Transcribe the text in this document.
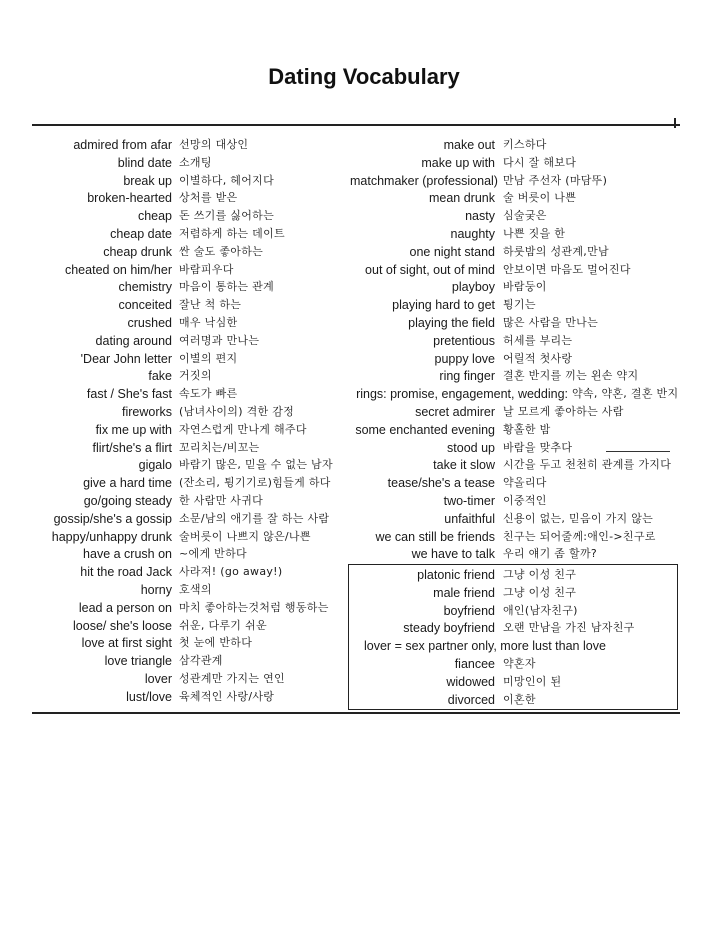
Dating Vocabulary
admired from afar 선망의 대상인
blind date 소개팅
break up 이별하다, 헤어지다
broken-hearted 상처를 받은
cheap 돈 쓰기를 싫어하는
cheap date 저렴하게 하는 데이트
cheap drunk 싼 술도 좋아하는
cheated on him/her 바람피우다
chemistry 마음이 통하는 관계
conceited 잘난 척 하는
crushed 매우 낙심한
dating around 여러명과 만나는
'Dear John letter 이별의 편지
fake 거짓의
fast / She's fast 속도가 빠른
fireworks (남녀사이의) 격한 감정
fix me up with 자연스럽게 만나게 해주다
flirt/she's a flirt 꼬리치는/비꼬는
gigalo 바람기 많은, 믿을 수 없는 남자
give a hard time (잔소리, 튕기기로)힘들게 하다
go/going steady 한 사람만 사귀다
gossip/she's a gossip 소문/남의 애기를 잘 하는 사람
happy/unhappy drunk 술버릇이 나쁘지 않은/나쁜
have a crush on ~에게 반하다
hit the road Jack 사라져! (go away!)
horny 호색의
lead a person on 마치 좋아하는것처럼 행동하는
loose/ she's loose 쉬운, 다루기 쉬운
love at first sight 첫 눈에 반하다
love triangle 삼각관계
lover 성관계만 가지는 연인
lust/love 육체적인 사랑/사랑
make out 키스하다
make up with 다시 잘 해보다
matchmaker (professional) 만남 주선자 (마담뚜)
mean drunk 술 버릇이 나쁜
nasty 심술궂은
naughty 나쁜 짓을 한
one night stand 하룻밤의 성관계,만남
out of sight, out of mind 안보이면 마음도 멀어진다
playboy 바람둥이
playing hard to get 튕기는
playing the field 많은 사람을 만나는
pretentious 허세를 부리는
puppy love 어릴적 첫사랑
ring finger 결혼 반지를 끼는 왼손 약지
rings: promise, engagement, wedding: 약속, 약혼, 결혼 반지
secret admirer 날 모르게 좋아하는 사람
some enchanted evening 황홀한 밤
stood up 바람을 맞추다
take it slow 시간을 두고 천천히 관계를 가지다
tease/she's a tease 약올리다
two-timer 이중적인
unfaithful 신용이 없는, 믿음이 가지 않는
we can still be friends 친구는 되어줄께:애인->친구로
we have to talk 우리 얘기 좀 할까?
platonic friend 그냥 이성 친구
male friend 그냥 이성 친구
boyfriend 애인(남자친구)
steady boyfriend 오랜 만남을 가진 남자친구
lover = sex partner only, more lust than love
fiancee 약혼자
widowed 미망인이 된
divorced 이혼한
